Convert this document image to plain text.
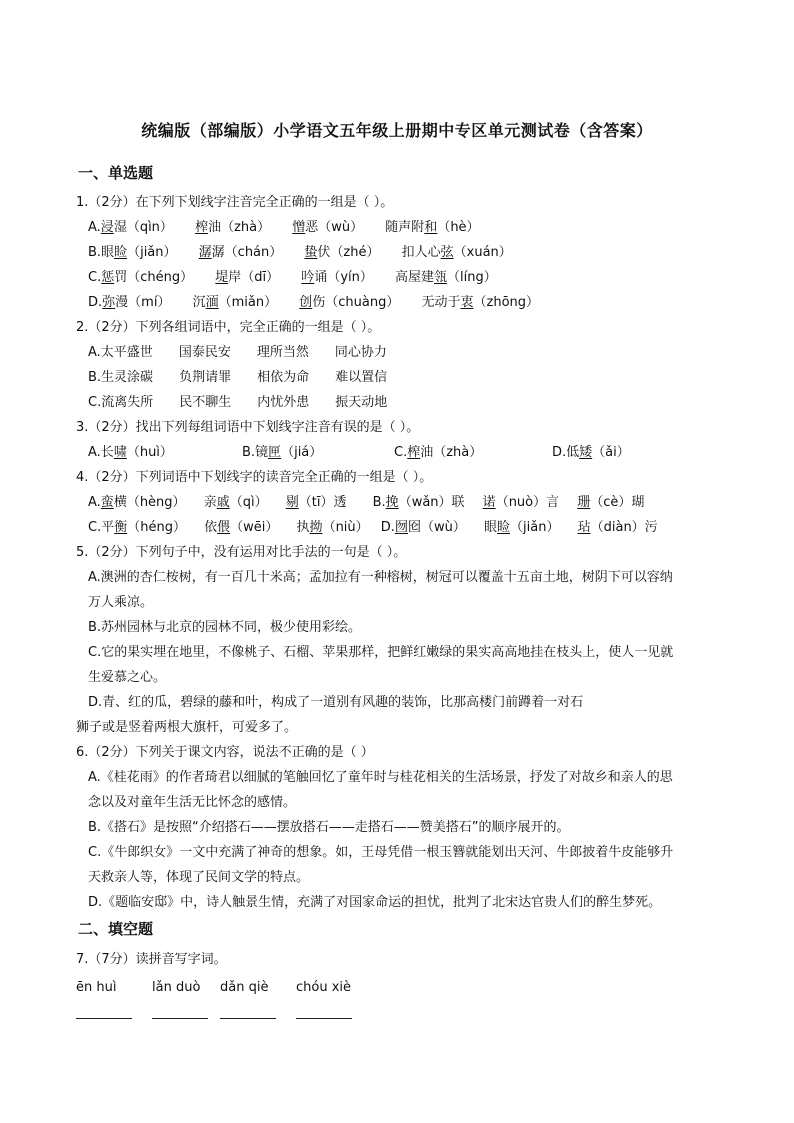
统编版（部编版）小学语文五年级上册期中专区单元测试卷（含答案）
一、单选题
1.（2分）在下列下划线字注音完全正确的一组是（ ）。
A.浸湿（qìn） 榨油（zhà） 憎恶（wù） 随声附和（hè）
B.眼睑（jiǎn） 潺潺（chán） 蛰伏（zhé） 扣人心弦（xuán）
C.惩罚（chéng） 堤岸（dī） 吟诵（yín） 高屋建瓴（líng）
D.弥漫（mí） 沉湎（miǎn） 创伤（chuàng） 无动于衷（zhōng）
2.（2分）下列各组词语中，完全正确的一组是（ ）。
A.太平盛世 国泰民安 理所当然 同心协力
B.生灵涂碳 负荆请罪 相依为命 难以置信
C.流离失所 民不聊生 内忧外患 振天动地
3.（2分）找出下列每组词语中下划线字注音有误的是（ ）。
A.长啸（huì）	B.镜匣（jiá）	C.榨油（zhà）	D.低矮（ǎi）
4.（2分）下列词语中下划线字的读音完全正确的一组是（ ）。
A.蛮横（hèng） 亲戚（qì） 剔（tī）透 B.挽（wǎn）联 诺（nuò）言 珊（cè）瑚
C.平衡（héng） 依偎（wēi） 执拗（niù） D.囫囵（wù） 眼睑（jiǎn） 玷（diàn）污
5.（2分）下列句子中，没有运用对比手法的一句是（ ）。
A.澳洲的杏仁桉树，有一百几十米高；孟加拉有一种榕树，树冠可以覆盖十五亩土地，树阴下可以容纳
万人乘凉。
B.苏州园林与北京的园林不同，极少使用彩绘。
C.它的果实埋在地里，不像桃子、石榴、苹果那样，把鲜红嫩绿的果实高高地挂在枝头上，使人一见就
生爱慕之心。
D.青、红的瓜，碧绿的藤和叶，构成了一道别有风趣的装饰，比那高楼门前蹲着一对石
狮子或是竖着两根大旗杆，可爱多了。
6.（2分）下列关于课文内容，说法不正确的是（ ）
A.《桂花雨》的作者琦君以细腻的笔触回忆了童年时与桂花相关的生活场景，抒发了对故乡和亲人的思
念以及对童年生活无比怀念的感情。
B.《搭石》是按照“介绍搭石——摆放搭石——走搭石——赞美搭石”的顺序展开的。
C.《牛郎织女》一文中充满了神奇的想象。如，王母凭借一根玉簪就能划出天河、牛郎披着牛皮能够升
天救亲人等，体现了民间文学的特点。
D.《题临安邸》中，诗人触景生情，充满了对国家命运的担忧，批判了北宋达官贵人们的醉生梦死。
二、填空题
7.（7分）读拼音写字词。
ēn huì	lǎn duò dǎn qiè chóu xiè
